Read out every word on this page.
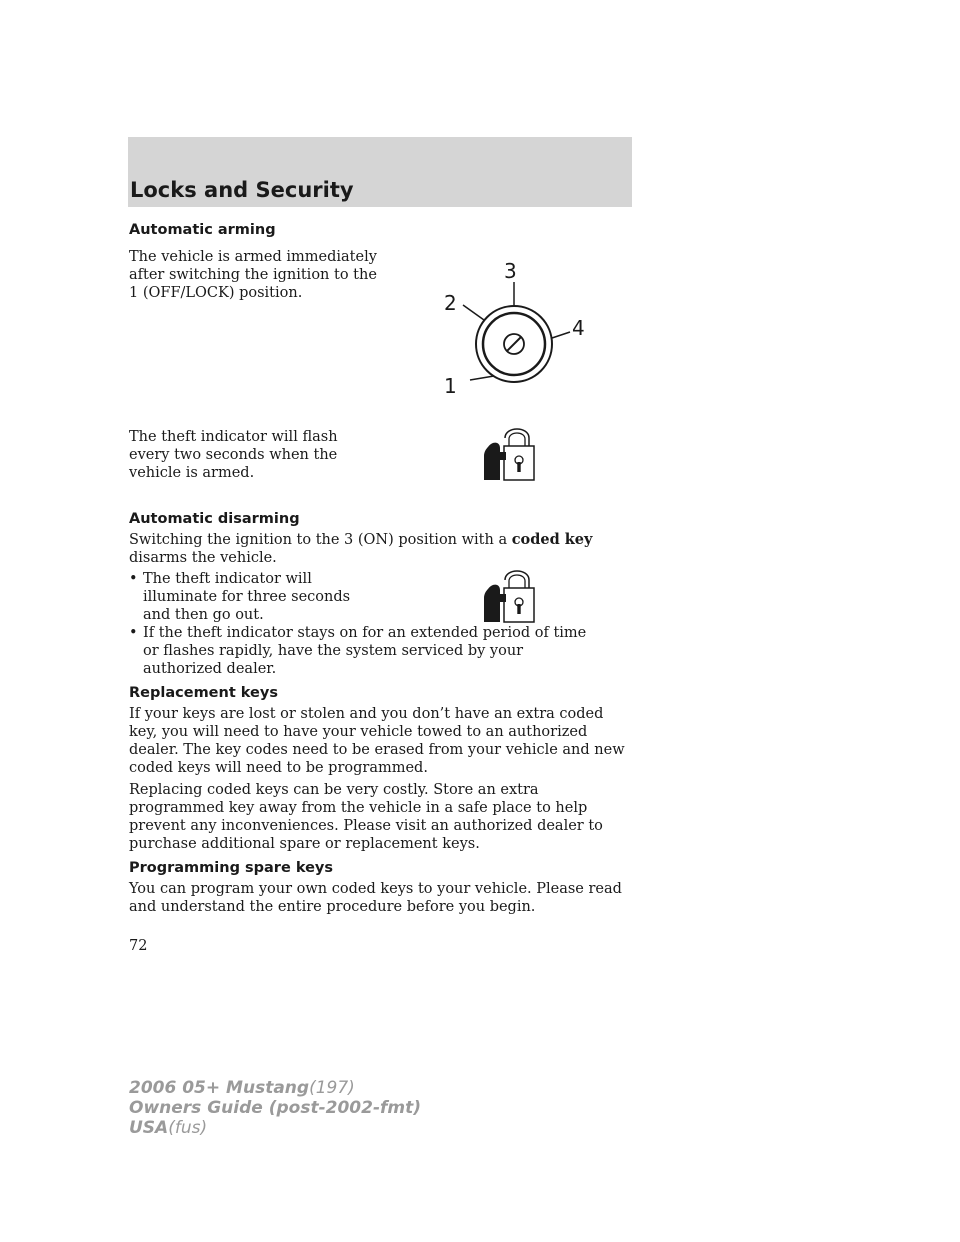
Locks and Security
Automatic arming

The vehicle is armed immediately after switching the ignition to the 1 (OFF/LOCK) position.

1
2
3
4

The theft indicator will flash every two seconds when the vehicle is armed.

Automatic disarming

Switching the ignition to the 3 (ON) position with a coded key disarms the vehicle.

• The theft indicator will illuminate for three seconds and then go out.
• If the theft indicator stays on for an extended period of time or flashes rapidly, have the system serviced by your authorized dealer.
Replacement keys

If your keys are lost or stolen and you don’t have an extra coded key, you will need to have your vehicle towed to an authorized dealer. The key codes need to be erased from your vehicle and new coded keys will need to be programmed.

Replacing coded keys can be very costly. Store an extra programmed key away from the vehicle in a safe place to help prevent any inconveniences. Please visit an authorized dealer to purchase additional spare or replacement keys.

Programming spare keys

You can program your own coded keys to your vehicle. Please read and understand the entire procedure before you begin.

72

2006 05+ Mustang(197)
Owners Guide (post-2002-fmt)
USA(fus)
